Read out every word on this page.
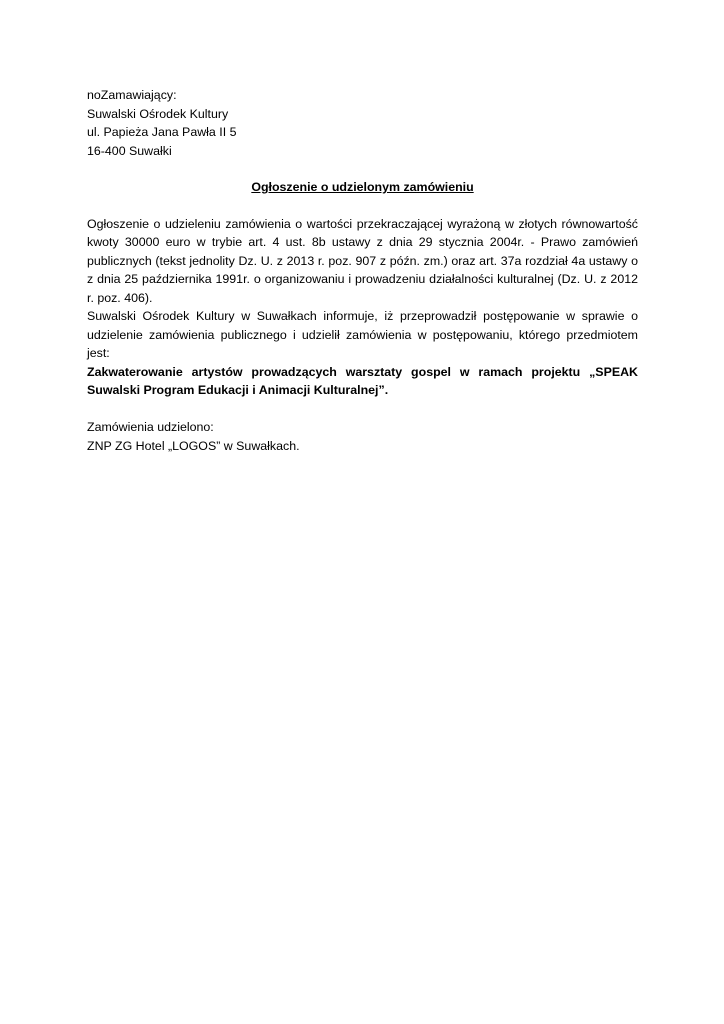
noZamawiający:
Suwalski Ośrodek Kultury
ul. Papieża Jana Pawła II 5
16-400 Suwałki
Ogłoszenie o udzielonym zamówieniu

Ogłoszenie o udzieleniu zamówienia o wartości przekraczającej wyrażoną w złotych równowartość kwoty 30000 euro w trybie art. 4 ust. 8b ustawy z dnia 29 stycznia 2004r. - Prawo zamówień publicznych (tekst jednolity Dz. U. z 2013 r. poz. 907 z późn. zm.) oraz art. 37a rozdział 4a ustawy o z dnia 25 października 1991r. o organizowaniu i prowadzeniu działalności kulturalnej (Dz. U. z 2012 r. poz. 406).

Suwalski Ośrodek Kultury w Suwałkach informuje, iż przeprowadził postępowanie w sprawie o udzielenie zamówienia publicznego i udzielił zamówienia w postępowaniu, którego przedmiotem jest:

Zakwaterowanie artystów prowadzących warsztaty gospel w ramach projektu „SPEAK Suwalski Program Edukacji i Animacji Kulturalnej”.

Zamówienia udzielono:
ZNP ZG Hotel „LOGOS” w Suwałkach.
